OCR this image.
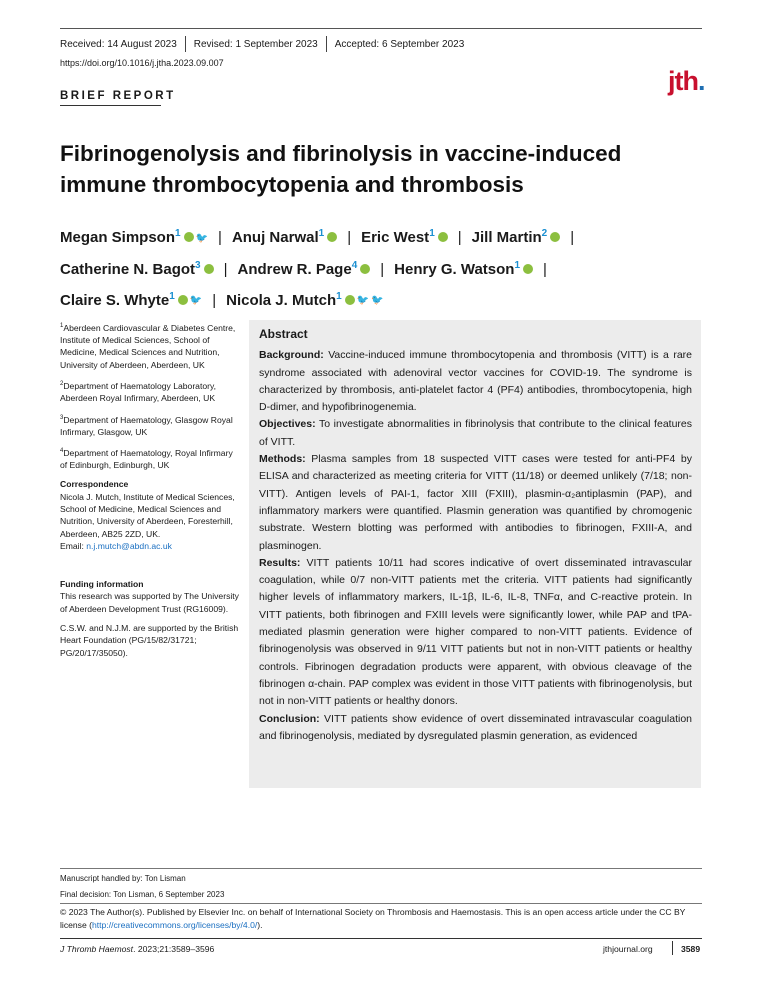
Received: 14 August 2023 Revised: 1 September 2023 Accepted: 6 September 2023
https://doi.org/10.1016/j.jtha.2023.09.007
BRIEF REPORT	jth.
Fibrinogenolysis and fibrinolysis in vaccine-induced immune thrombocytopenia and thrombosis
Megan Simpson$^1$ 🐦 | Anuj Narwal$^1$ | Eric West$^1$ | Jill Martin$^2$ |
Catherine N. Bagot$^3$ | Andrew R. Page$^4$ | Henry G. Watson$^1$ |
Claire S. Whyte$^1$ 🐦 | Nicola J. Mutch$^1$ 🐦 🐦

$^1$Aberdeen Cardiovascular & Diabetes Centre, Institute of Medical Sciences, School of Medicine, Medical Sciences and Nutrition, University of Aberdeen, Aberdeen, UK

$^2$Department of Haematology Laboratory, Aberdeen Royal Infirmary, Aberdeen, UK

$^3$Department of Haematology, Glasgow Royal Infirmary, Glasgow, UK

$^4$Department of Haematology, Royal Infirmary of Edinburgh, Edinburgh, UK

Correspondence

Nicola J. Mutch, Institute of Medical Sciences, School of Medicine, Medical Sciences and Nutrition, University of Aberdeen, Foresterhill, Aberdeen, AB25 2ZD, UK.

Email: n.j.mutch@abdn.ac.uk

Funding information

This research was supported by The University of Aberdeen Development Trust (RG16009).

C.S.W. and N.J.M. are supported by the British Heart Foundation (PG/15/82/31721; PG/20/17/35050).

Abstract

Background: Vaccine-induced immune thrombocytopenia and thrombosis (VITT) is a rare syndrome associated with adenoviral vector vaccines for COVID-19. The syndrome is characterized by thrombosis, anti-platelet factor 4 (PF4) antibodies, thrombocytopenia, high D-dimer, and hypofibrinogenemia.

Objectives: To investigate abnormalities in fibrinolysis that contribute to the clinical features of VITT.

Methods: Plasma samples from 18 suspected VITT cases were tested for anti-PF4 by ELISA and characterized as meeting criteria for VITT (11/18) or deemed unlikely (7/18; non-VITT). Antigen levels of PAI-1, factor XIII (FXIII), plasmin-α₂antiplasmin (PAP), and inflammatory markers were quantified. Plasmin generation was quantified by chromogenic substrate. Western blotting was performed with antibodies to fibrinogen, FXIII-A, and plasminogen.

Results: VITT patients 10/11 had scores indicative of overt disseminated intravascular coagulation, while 0/7 non-VITT patients met the criteria. VITT patients had significantly higher levels of inflammatory markers, IL-1β, IL-6, IL-8, TNFα, and C-reactive protein. In VITT patients, both fibrinogen and FXIII levels were significantly lower, while PAP and tPA-mediated plasmin generation were higher compared to non-VITT patients. Evidence of fibrinogenolysis was observed in 9/11 VITT patients but not in non-VITT patients or healthy controls. Fibrinogen degradation products were apparent, with obvious cleavage of the fibrinogen α-chain. PAP complex was evident in those VITT patients with fibrinogenolysis, but not in non-VITT patients or healthy donors.

Conclusion: VITT patients show evidence of overt disseminated intravascular coagulation and fibrinogenolysis, mediated by dysregulated plasmin generation, as evidenced

Manuscript handled by: Ton Lisman
Final decision: Ton Lisman, 6 September 2023
© 2023 The Author(s). Published by Elsevier Inc. on behalf of International Society on Thrombosis and Haemostasis. This is an open access article under the CC BY license (http://creativecommons.org/licenses/by/4.0/).
J Thromb Haemost. 2023;21:3589–3596	jthjournal.org	3589
